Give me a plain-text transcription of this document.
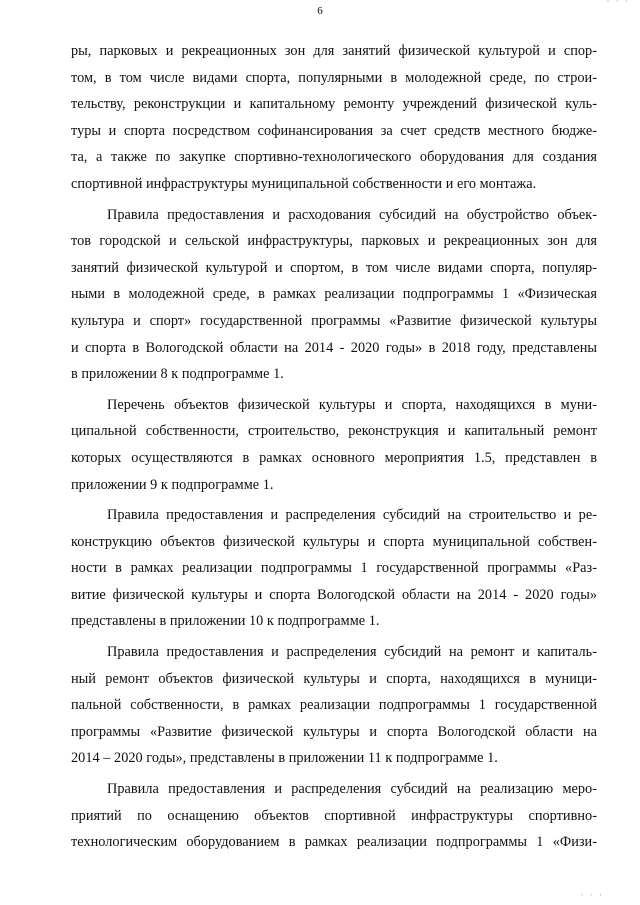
· · ·
6

ры, парковых и рекреационных зон для занятий физической культурой и спор-
том, в том числе видами спорта, популярными в молодежной среде, по строи-
тельству, реконструкции и капитальному ремонту учреждений физической куль-
туры и спорта посредством софинансирования за счет средств местного бюдже-
та, а также по закупке спортивно-технологического оборудования для создания
спортивной инфраструктуры муниципальной собственности и его монтажа.

Правила предоставления и расходования субсидий на обустройство объек-
тов городской и сельской инфраструктуры, парковых и рекреационных зон для
занятий физической культурой и спортом, в том числе видами спорта, популяр-
ными в молодежной среде, в рамках реализации подпрограммы 1 «Физическая
культура и спорт» государственной программы «Развитие физической культуры
и спорта в Вологодской области на 2014 - 2020 годы» в 2018 году, представлены
в приложении 8 к подпрограмме 1.

Перечень объектов физической культуры и спорта, находящихся в муни-
ципальной собственности, строительство, реконструкция и капитальный ремонт
которых осуществляются в рамках основного мероприятия 1.5, представлен в
приложении 9 к подпрограмме 1.

Правила предоставления и распределения субсидий на строительство и ре-
конструкцию объектов физической культуры и спорта муниципальной собствен-
ности в рамках реализации подпрограммы 1 государственной программы «Раз-
витие физической культуры и спорта Вологодской области на 2014 - 2020 годы»
представлены в приложении 10 к подпрограмме 1.

Правила предоставления и распределения субсидий на ремонт и капиталь-
ный ремонт объектов физической культуры и спорта, находящихся в муници-
пальной собственности, в рамках реализации подпрограммы 1 государственной
программы «Развитие физической культуры и спорта Вологодской области на
2014 – 2020 годы», представлены в приложении 11 к подпрограмме 1.

Правила предоставления и распределения субсидий на реализацию меро-
приятий по оснащению объектов спортивной инфраструктуры спортивно-
технологическим оборудованием в рамках реализации подпрограммы 1 «Физи-

· · ·
